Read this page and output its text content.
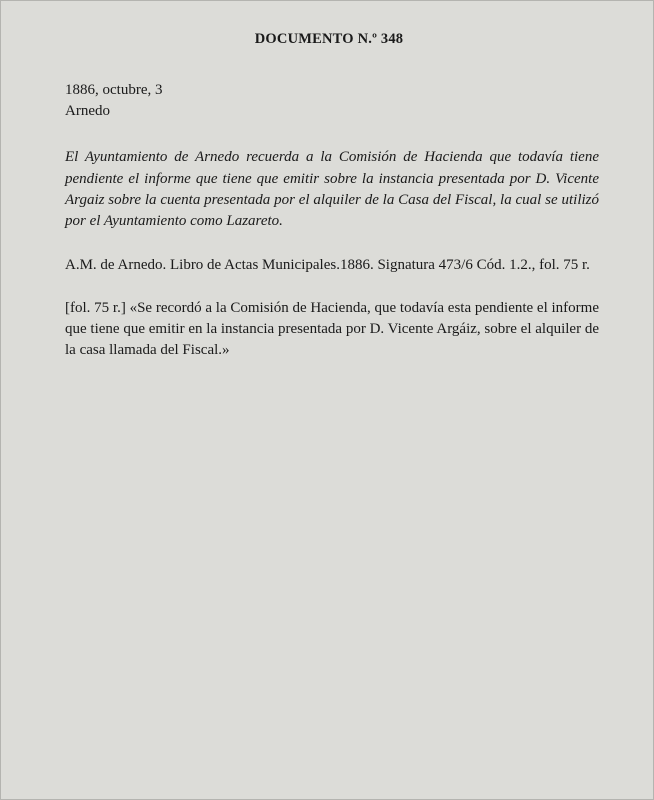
DOCUMENTO N.º 348
1886, octubre, 3
Arnedo

El Ayuntamiento de Arnedo recuerda a la Comisión de Hacienda que todavía tiene pendiente el informe que tiene que emitir sobre la instancia presentada por D. Vicente Argaiz sobre la cuenta presentada por el alquiler de la Casa del Fiscal, la cual se utilizó por el Ayuntamiento como Lazareto.

A.M. de Arnedo. Libro de Actas Municipales.1886. Signatura 473/6 Cód. 1.2., fol. 75 r.

[fol. 75 r.] «Se recordó a la Comisión de Hacienda, que todavía esta pendiente el informe que tiene que emitir en la instancia presentada por D. Vicente Argáiz, sobre el alquiler de la casa llamada del Fiscal.»
